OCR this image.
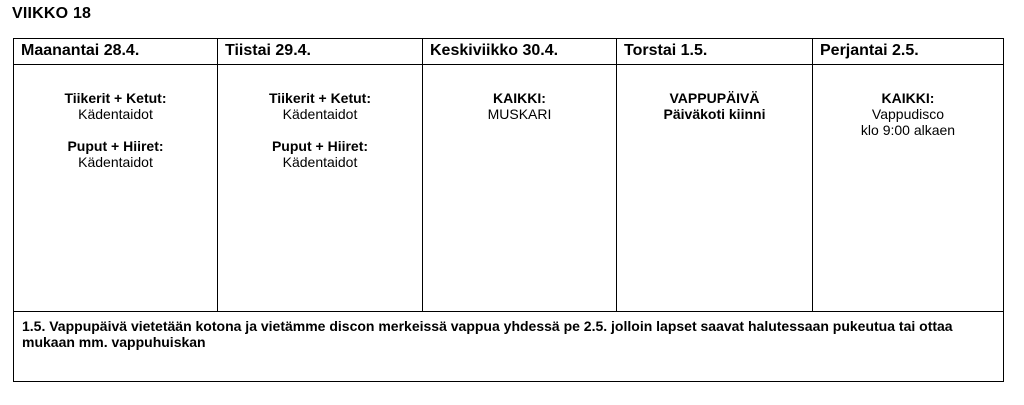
VIIKKO 18
Maanantai 28.4.
Tiikerit + Ketut:
Kädentaidot
Puput + Hiiret:
Kädentaidot
Tiistai 29.4.
Tiikerit + Ketut:
Kädentaidot
Puput + Hiiret:
Kädentaidot
Keskiviikko 30.4.
KAIKKI:
MUSKARI
Torstai 1.5.
VAPPUPÄIVÄ
Päiväkoti kiinni
Perjantai 2.5.
KAIKKI:
Vappudisco
klo 9:00 alkaen
1.5. Vappupäivä vietetään kotona ja vietämme discon merkeissä vappua yhdessä pe 2.5. jolloin lapset saavat halutessaan pukeutua tai ottaa mukaan mm. vappuhuiskan
